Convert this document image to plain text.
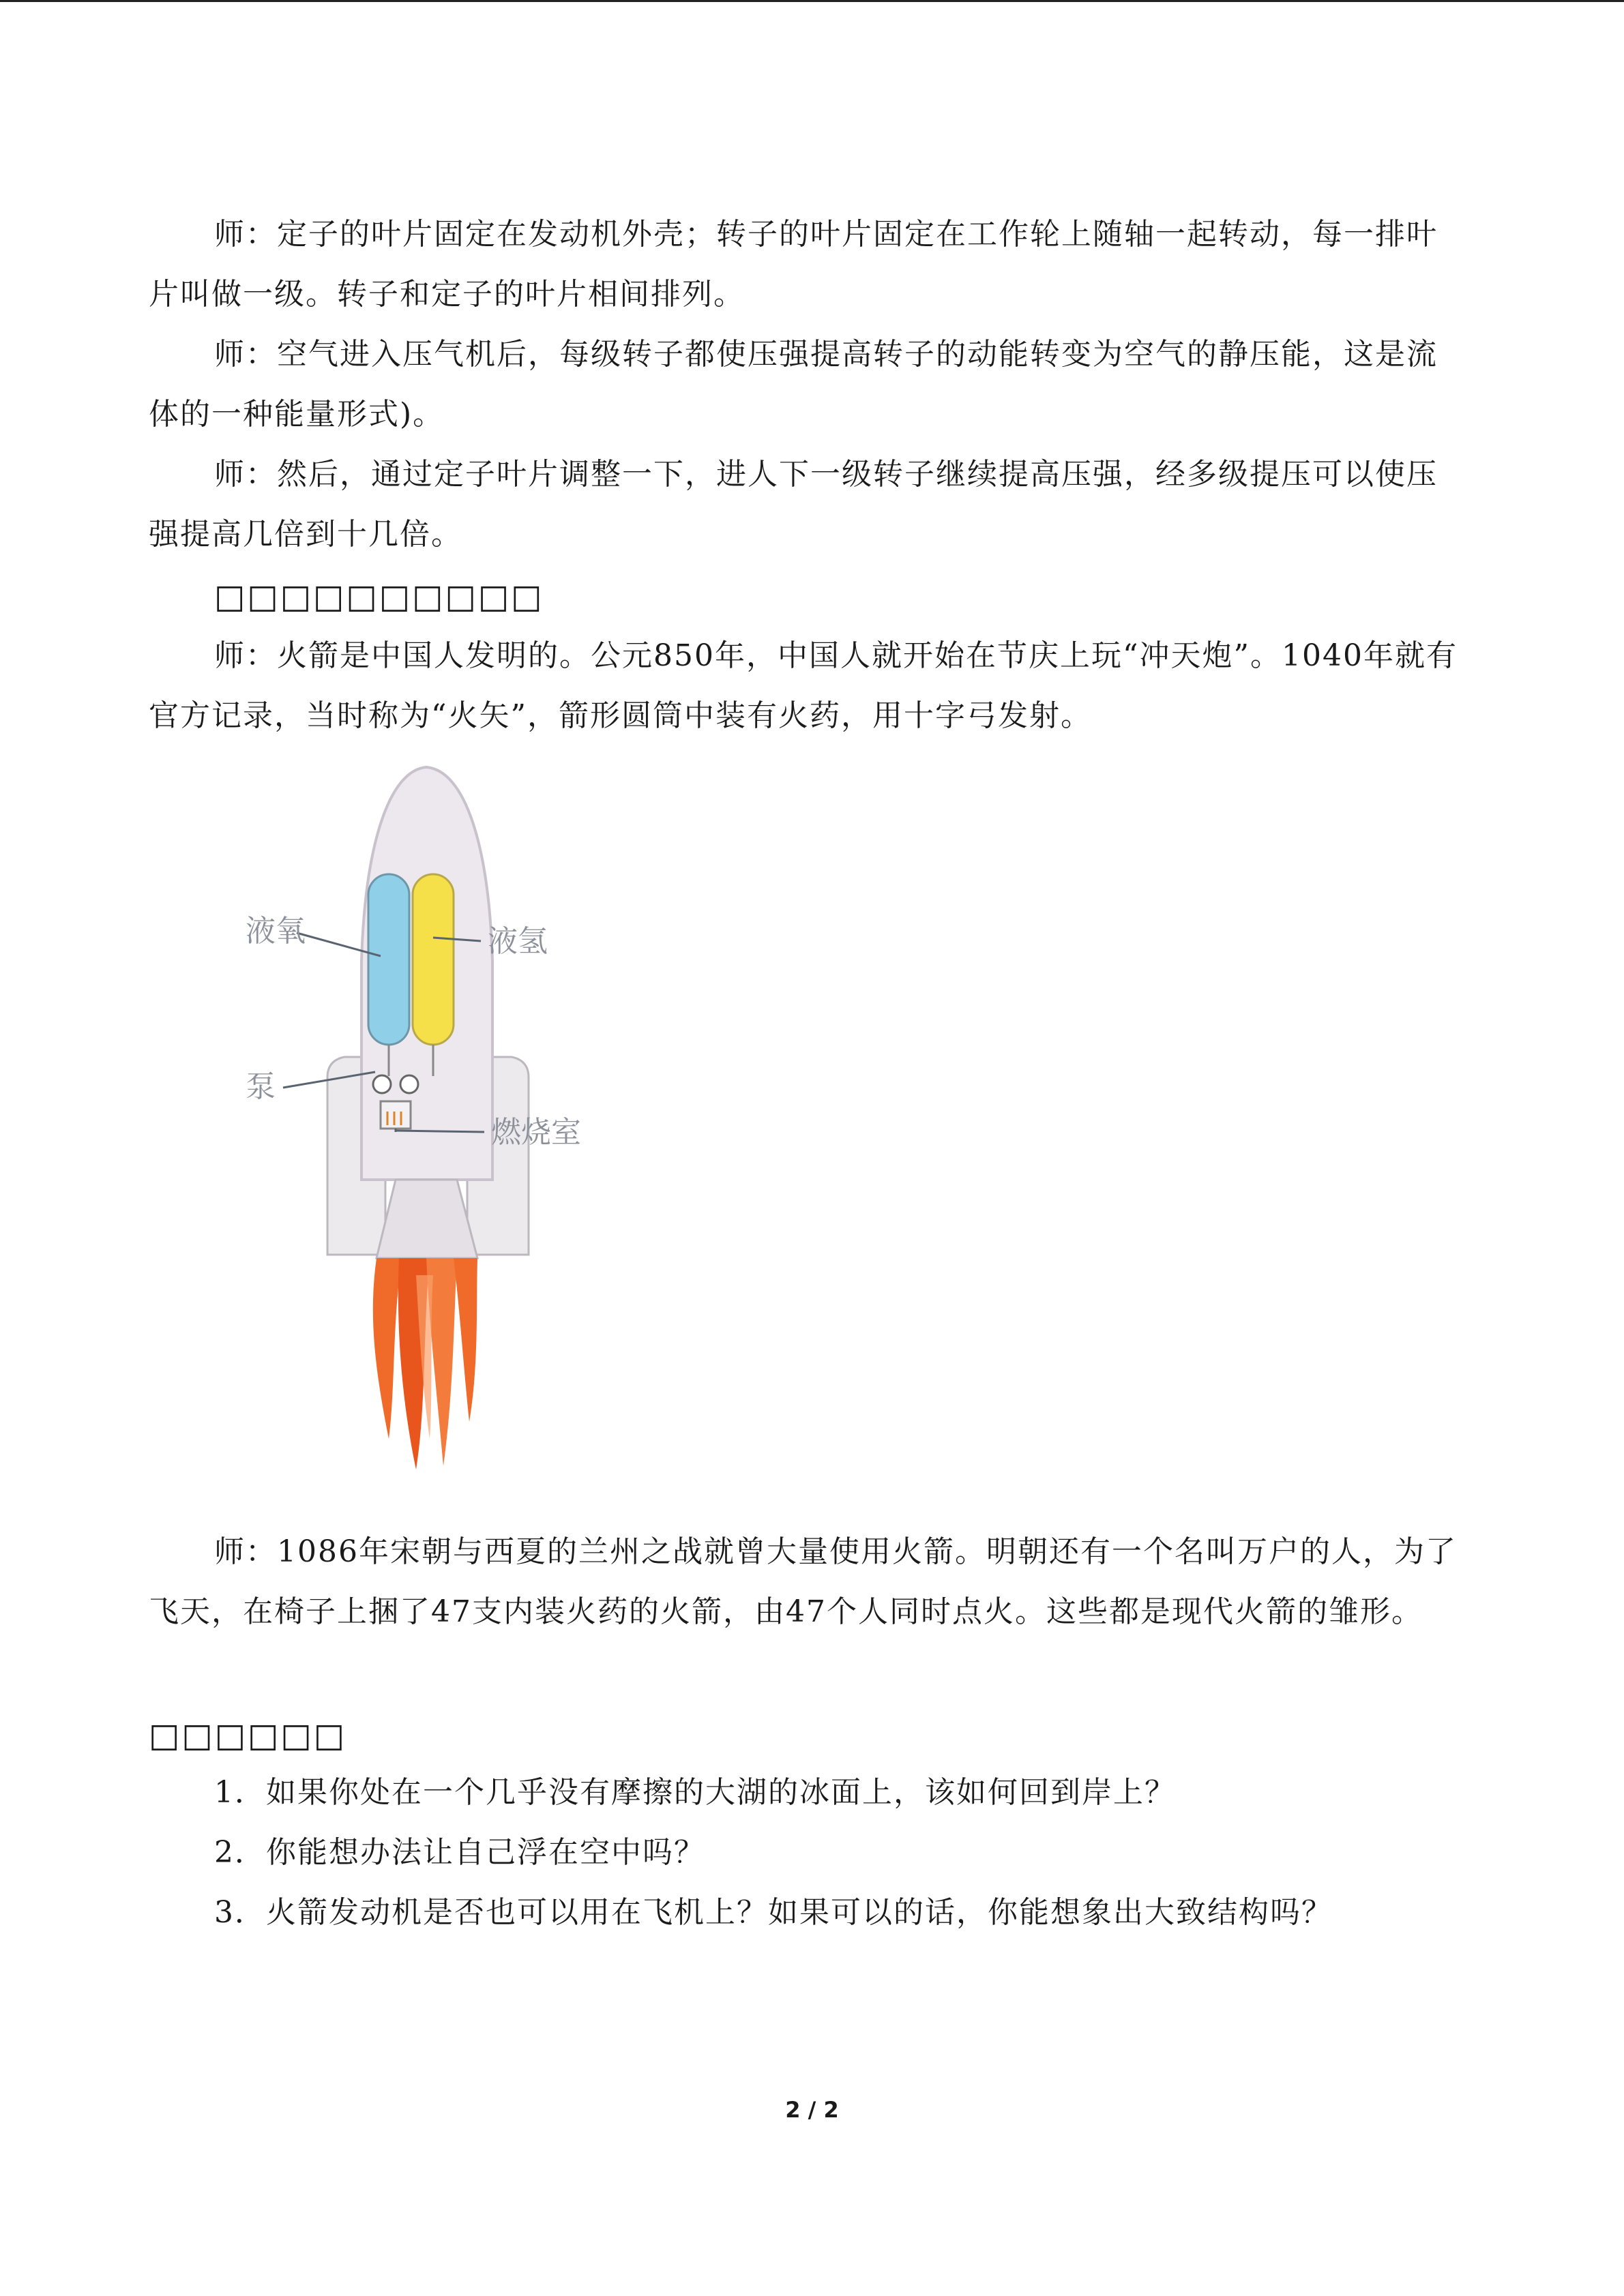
师：定子的叶片固定在发动机外壳；转子的叶片固定在工作轮上随轴一起转动，每一排叶片叫做一级。转子和定子的叶片相间排列。

师：空气进入压气机后，每级转子都使压强提高转子的动能转变为空气的静压能，这是流体的一种能量形式)。

师：然后，通过定子叶片调整一下，进人下一级转子继续提高压强，经多级提压可以使压强提高几倍到十几倍。

□□□□□□□□□□

师：火箭是中国人发明的。公元850年，中国人就开始在节庆上玩“冲天炮”。1040年就有官方记录，当时称为“火矢”，箭形圆筒中装有火药，用十字弓发射。

液氧	液氢
泵
燃烧室

师：1086年宋朝与西夏的兰州之战就曾大量使用火箭。明朝还有一个名叫万户的人，为了飞天，在椅子上捆了47支内装火药的火箭，由47个人同时点火。这些都是现代火箭的雏形。

□□□□□□

1．如果你处在一个几乎没有摩擦的大湖的冰面上，该如何回到岸上？

2．你能想办法让自己浮在空中吗？

3．火箭发动机是否也可以用在飞机上？如果可以的话，你能想象出大致结构吗？

2 / 2
